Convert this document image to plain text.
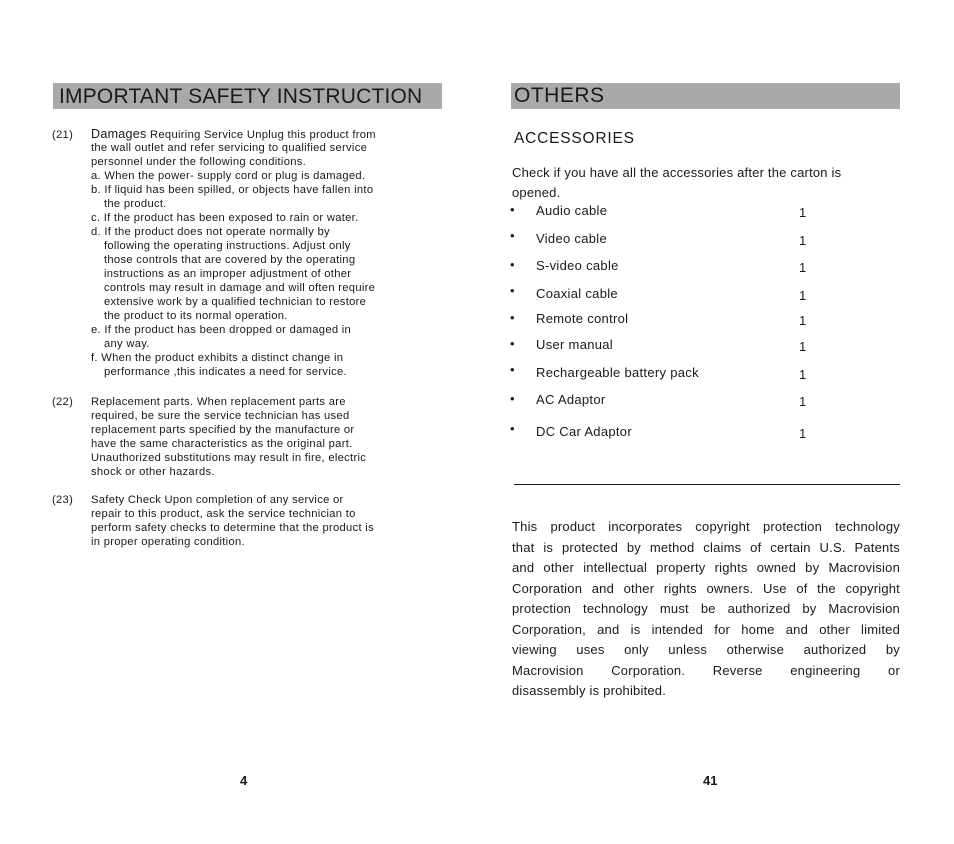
IMPORTANT SAFETY INSTRUCTION
(21) Damages Requiring Service Unplug this product from
the wall outlet and refer servicing to qualified service
personnel under the following conditions.
a. When the power- supply cord or plug is damaged.
b. If liquid has been spilled, or objects have fallen into
the product.
c. If the product has been exposed to rain or water.
d. If the product does not operate normally by
following the operating instructions. Adjust only
those controls that are covered by the operating
instructions as an improper adjustment of other
controls may result in damage and will often require
extensive work by a qualified technician to restore
the product to its normal operation.
e. If the product has been dropped or damaged in
any way.
f. When the product exhibits a distinct change in
performance ,this indicates a need for service.
(22) Replacement parts. When replacement parts are
required, be sure the service technician has used
replacement parts specified by the manufacture or
have the same characteristics as the original part.
Unauthorized substitutions may result in fire, electric
shock or other hazards.
(23) Safety Check Upon completion of any service or
repair to this product, ask the service technician to
perform safety checks to determine that the product is
in proper operating condition.
4
OTHERS
ACCESSORIES
Check if you have all the accessories after the carton is
opened.
• Audio cable	1
• Video cable	1
• S-video cable	1
• Coaxial cable	1
• Remote control	1
• User manual	1
• Rechargeable battery pack	1
• AC Adaptor	1
• DC Car Adaptor	1
This product incorporates copyright protection technology
that is protected by method claims of certain U.S. Patents
and other intellectual property rights owned by Macrovision
Corporation and other rights owners. Use of the copyright
protection technology must be authorized by Macrovision
Corporation, and is intended for home and other limited
viewing uses only unless otherwise authorized by
Macrovision Corporation. Reverse engineering or
disassembly is prohibited.
41
